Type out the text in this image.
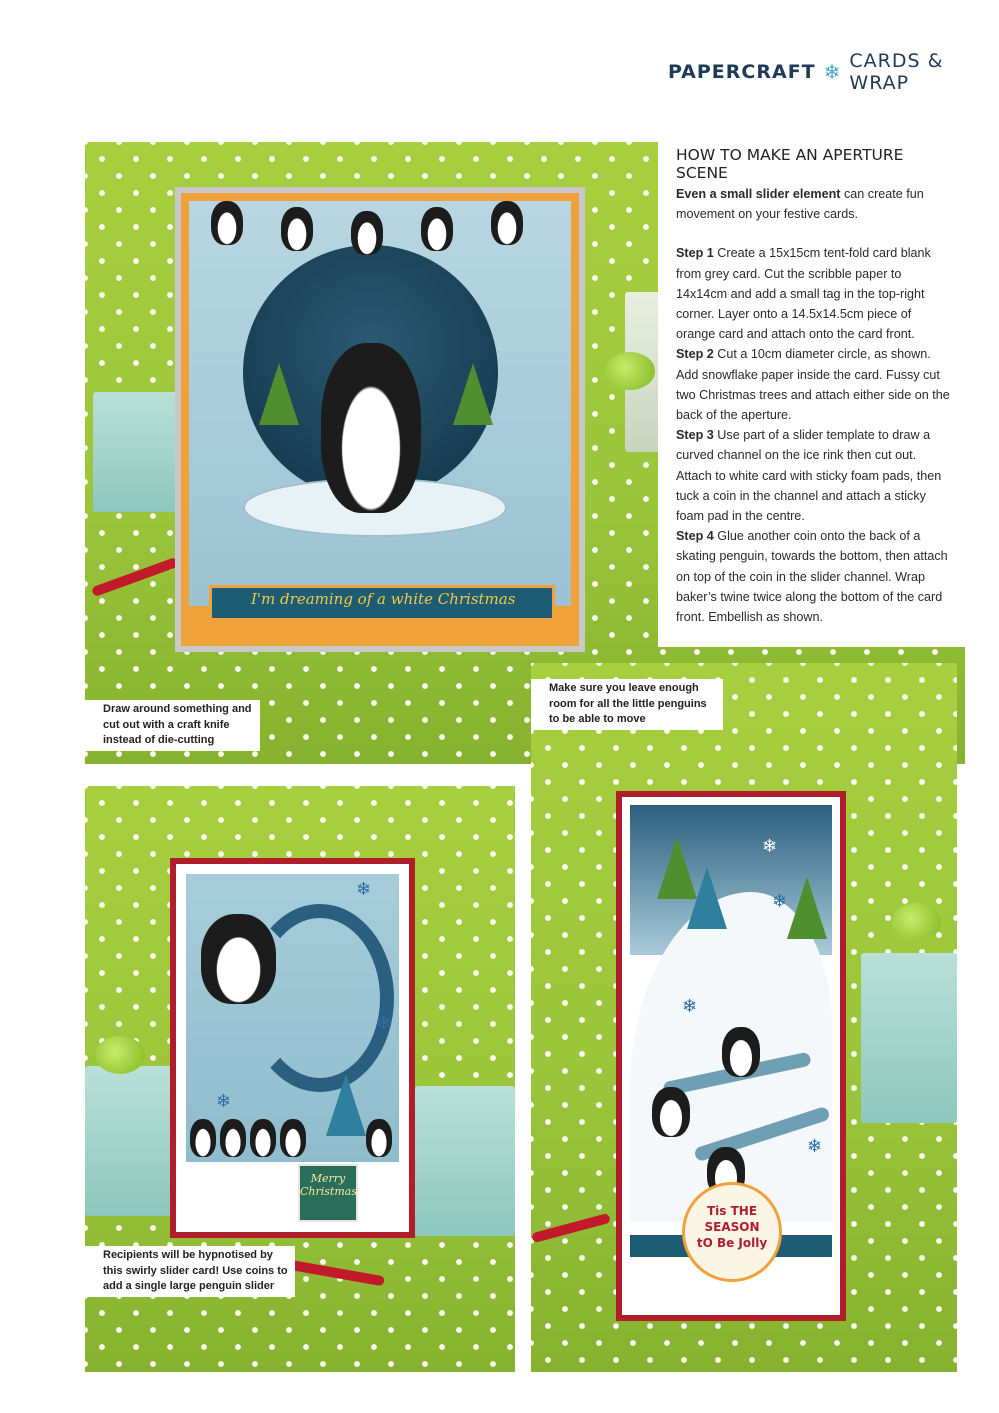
PAPERCRAFT ❄ CARDS & WRAP
I'm dreaming of a white Christmas
HOW TO MAKE AN APERTURE SCENE

Even a small slider element can create fun movement on your festive cards.

Step 1 Create a 15x15cm tent-fold card blank from grey card. Cut the scribble paper to 14x14cm and add a small tag in the top-right corner. Layer onto a 14.5x14.5cm piece of orange card and attach onto the card front.

Step 2 Cut a 10cm diameter circle, as shown. Add snowflake paper inside the card. Fussy cut two Christmas trees and attach either side on the back of the aperture.

Step 3 Use part of a slider template to draw a curved channel on the ice rink then cut out. Attach to white card with sticky foam pads, then tuck a coin in the channel and attach a sticky foam pad in the centre.

Step 4 Glue another coin onto the back of a skating penguin, towards the bottom, then attach on top of the coin in the slider channel. Wrap baker’s twine twice along the bottom of the card front. Embellish as shown.

Merry Christmas
❄
❄
❄
Tis THE SEASON tO Be Jolly
❄
❄
❄
❄
Draw around something and cut out with a craft knife instead of die-cutting
Make sure you leave enough room for all the little penguins to be able to move
Recipients will be hypnotised by this swirly slider card! Use coins to add a single large penguin slider
